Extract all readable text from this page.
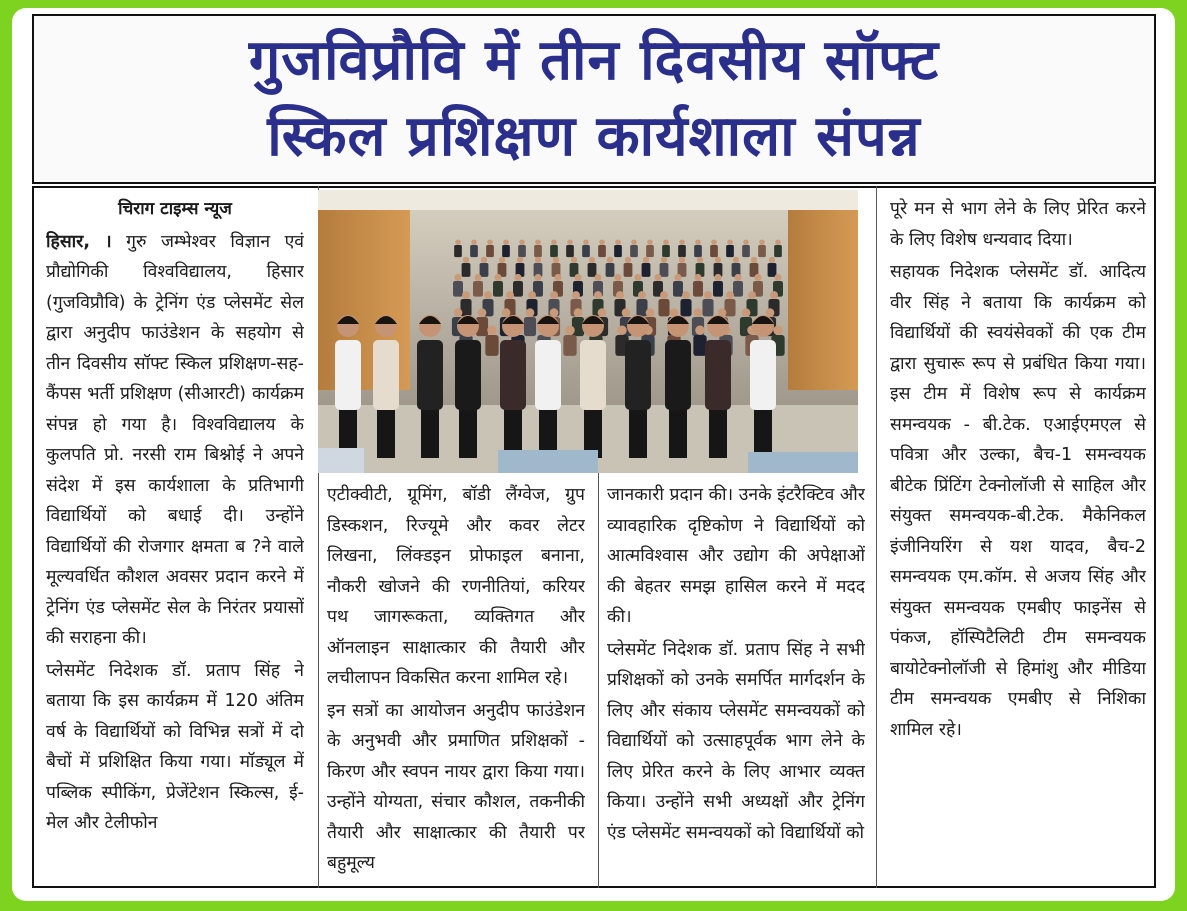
गुजविप्रौवि में तीन दिवसीय सॉफ्ट
स्किल प्रशिक्षण कार्यशाला संपन्न
चिराग टाइम्स न्यूज

हिसार, । गुरु जम्भेश्वर विज्ञान एवं प्रौद्योगिकी विश्वविद्यालय, हिसार (गुजविप्रौवि) के ट्रेनिंग एंड प्लेसमेंट सेल द्वारा अनुदीप फाउंडेशन के सहयोग से तीन दिवसीय सॉफ्ट स्किल प्रशिक्षण-सह-कैंपस भर्ती प्रशिक्षण (सीआरटी) कार्यक्रम संपन्न हो गया है। विश्वविद्यालय के कुलपति प्रो. नरसी राम बिश्नोई ने अपने संदेश में इस कार्यशाला के प्रतिभागी विद्यार्थियों को बधाई दी। उन्होंने विद्यार्थियों की रोजगार क्षमता ब ?ने वाले मूल्यवर्धित कौशल अवसर प्रदान करने में ट्रेनिंग एंड प्लेसमेंट सेल के निरंतर प्रयासों की सराहना की।

प्लेसमेंट निदेशक डॉ. प्रताप सिंह ने बताया कि इस कार्यक्रम में 120 अंतिम वर्ष के विद्यार्थियों को विभिन्न सत्रों में दो बैचों में प्रशिक्षित किया गया। मॉड्यूल में पब्लिक स्पीकिंग, प्रेजेंटेशन स्किल्स, ई-मेल और टेलीफोन

एटीक्वीटी, ग्रूमिंग, बॉडी लैंग्वेज, ग्रुप डिस्कशन, रिज्यूमे और कवर लेटर लिखना, लिंक्डइन प्रोफाइल बनाना, नौकरी खोजने की रणनीतियां, करियर पथ जागरूकता, व्यक्तिगत और ऑनलाइन साक्षात्कार की तैयारी और लचीलापन विकसित करना शामिल रहे।

इन सत्रों का आयोजन अनुदीप फाउंडेशन के अनुभवी और प्रमाणित प्रशिक्षकों - किरण और स्वपन नायर द्वारा किया गया। उन्होंने योग्यता, संचार कौशल, तकनीकी तैयारी और साक्षात्कार की तैयारी पर बहुमूल्य

जानकारी प्रदान की। उनके इंटरैक्टिव और व्यावहारिक दृष्टिकोण ने विद्यार्थियों को आत्मविश्वास और उद्योग की अपेक्षाओं की बेहतर समझ हासिल करने में मदद की।

प्लेसमेंट निदेशक डॉ. प्रताप सिंह ने सभी प्रशिक्षकों को उनके समर्पित मार्गदर्शन के लिए और संकाय प्लेसमेंट समन्वयकों को विद्यार्थियों को उत्साहपूर्वक भाग लेने के लिए प्रेरित करने के लिए आभार व्यक्त किया। उन्होंने सभी अध्यक्षों और ट्रेनिंग एंड प्लेसमेंट समन्वयकों को विद्यार्थियों को

पूरे मन से भाग लेने के लिए प्रेरित करने के लिए विशेष धन्यवाद दिया।

सहायक निदेशक प्लेसमेंट डॉ. आदित्य वीर सिंह ने बताया कि कार्यक्रम को विद्यार्थियों की स्वयंसेवकों की एक टीम द्वारा सुचारू रूप से प्रबंधित किया गया। इस टीम में विशेष रूप से कार्यक्रम समन्वयक - बी.टेक. एआईएमएल से पवित्रा और उल्का, बैच-1 समन्वयक बीटेक प्रिंटिंग टेक्नोलॉजी से साहिल और संयुक्त समन्वयक-बी.टेक. मैकेनिकल इंजीनियरिंग से यश यादव, बैच-2 समन्वयक एम.कॉम. से अजय सिंह और संयुक्त समन्वयक एमबीए फाइनेंस से पंकज, हॉस्पिटैलिटी टीम समन्वयक बायोटेक्नोलॉजी से हिमांशु और मीडिया टीम समन्वयक एमबीए से निशिका शामिल रहे।
